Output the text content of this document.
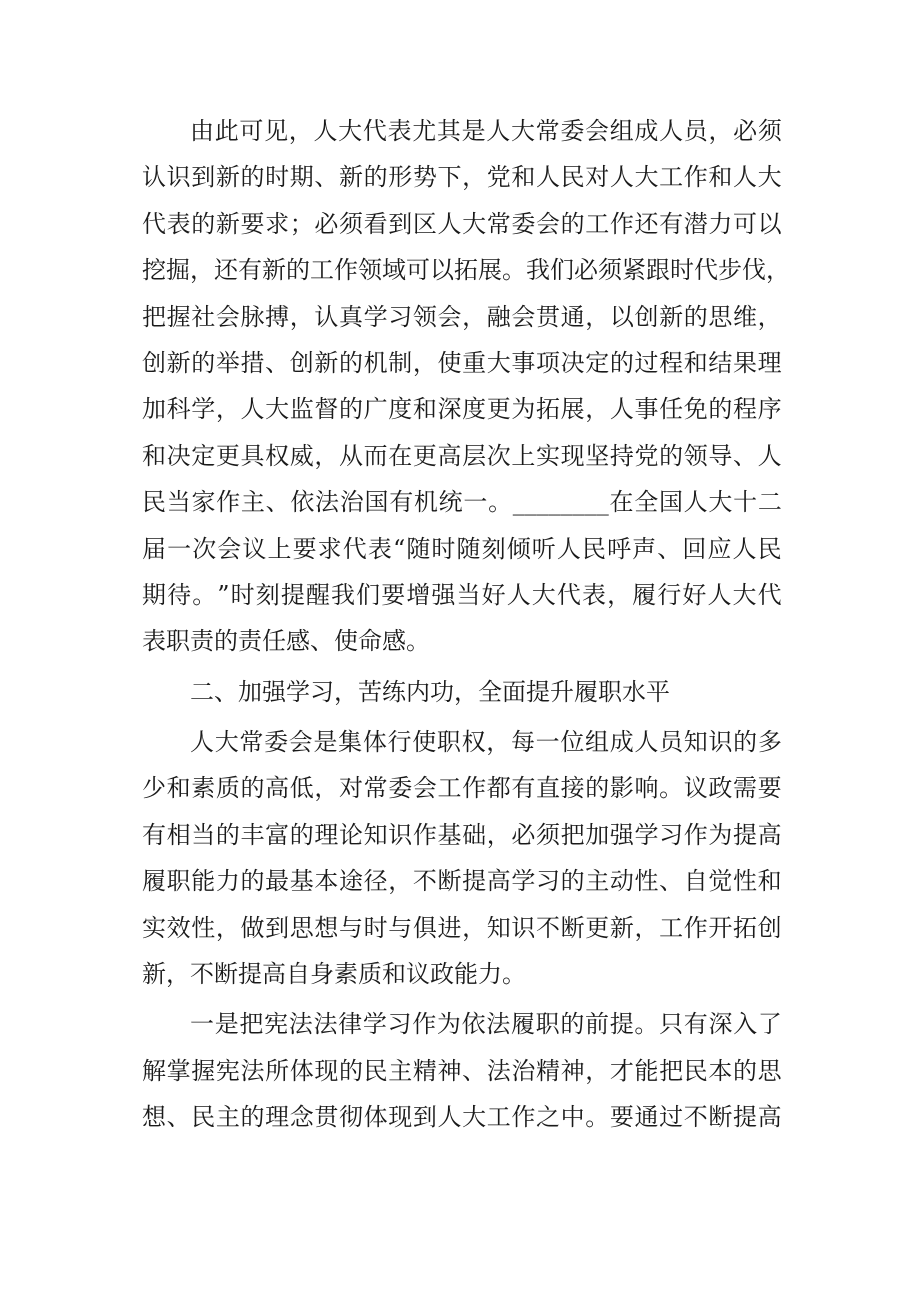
由 此 可 见 ， 人 大 代 表 尤 其 是 人 大 常 委 会 组 成 人 员 ， 必 须
认 识 到 新 的 时 期 、 新 的 形 势 下 ， 党 和 人 民 对 人 大 工 作 和 人 大
代 表 的 新 要 求 ； 必 须 看 到 区 人 大 常 委 会 的 工 作 还 有 潜 力 可 以
挖 掘 ， 还 有 新 的 工 作 领 域 可 以 拓 展 。 我 们 必 须 紧 跟 时 代 步 伐 ，
把 握 社 会 脉 搏 ， 认 真 学 习 领 会 ， 融 会 贯 通 ， 以 创 新 的 思 维 ，
创 新 的 举 措 、 创 新 的 机 制 ， 使 重 大 事 项 决 定 的 过 程 和 结 果 理
加 科 学 ， 人 大 监 督 的 广 度 和 深 度 更 为 拓 展 ， 人 事 任 免 的 程 序
和 决 定 更 具 权 威 ， 从 而 在 更 高 层 次 上 实 现 坚 持 党 的 领 导 、 人
民 当 家 作 主 、 依 法 治 国 有 机 统 一 。 ________ 在 全 国 人 大 十 二
届 一 次 会 议 上 要 求 代 表 “ 随 时 随 刻 倾 听 人 民 呼 声 、 回 应 人 民
期 待 。 ” 时 刻 提 醒 我 们 要 增 强 当 好 人 大 代 表 ， 履 行 好 人 大 代
表 职 责 的 责 任 感 、 使 命 感 。
二 、 加 强 学 习 ， 苦 练 内 功 ， 全 面 提 升 履 职 水 平
人 大 常 委 会 是 集 体 行 使 职 权 ， 每 一 位 组 成 人 员 知 识 的 多
少 和 素 质 的 高 低 ， 对 常 委 会 工 作 都 有 直 接 的 影 响 。 议 政 需 要
有 相 当 的 丰 富 的 理 论 知 识 作 基 础 ， 必 须 把 加 强 学 习 作 为 提 高
履 职 能 力 的 最 基 本 途 径 ， 不 断 提 高 学 习 的 主 动 性 、 自 觉 性 和
实 效 性 ， 做 到 思 想 与 时 与 俱 进 ， 知 识 不 断 更 新 ， 工 作 开 拓 创
新 ， 不 断 提 高 自 身 素 质 和 议 政 能 力 。
一 是 把 宪 法 法 律 学 习 作 为 依 法 履 职 的 前 提 。 只 有 深 入 了
解 掌 握 宪 法 所 体 现 的 民 主 精 神 、 法 治 精 神 ， 才 能 把 民 本 的 思
想 、 民 主 的 理 念 贯 彻 体 现 到 人 大 工 作 之 中 。 要 通 过 不 断 提 高
